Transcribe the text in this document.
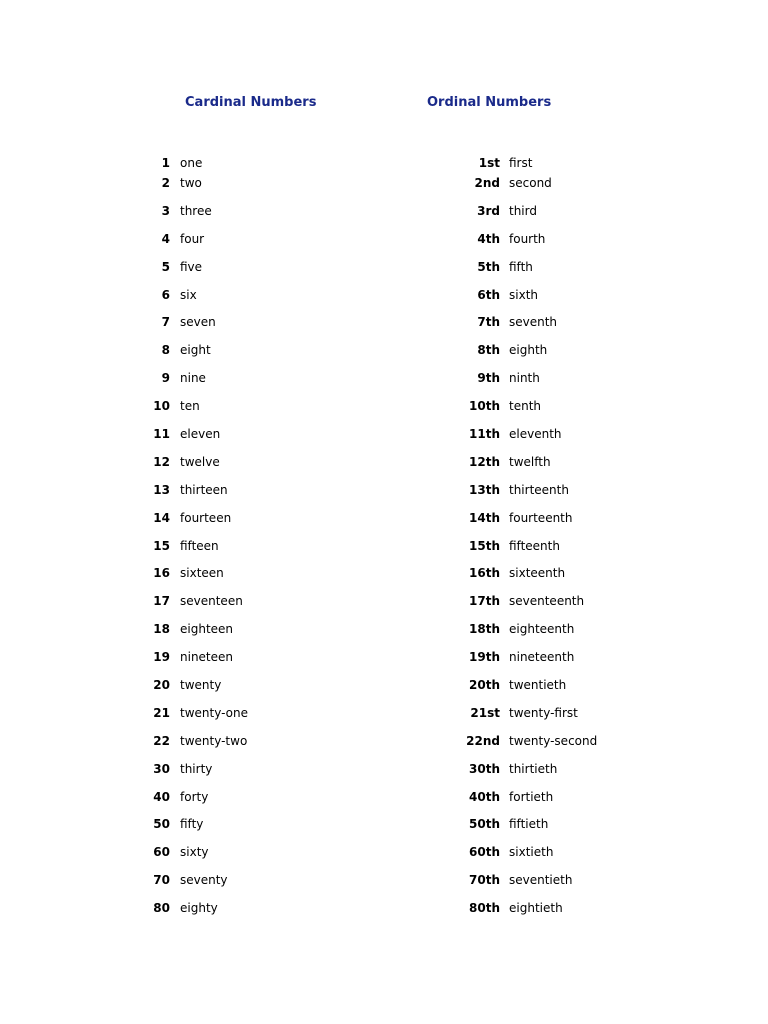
Cardinal Numbers	Ordinal Numbers
1 one	1st first
2 two	2nd second
3 three	3rd third
4 four	4th fourth
5 five	5th fifth
6 six	6th sixth
7 seven	7th seventh
8 eight	8th eighth
9 nine	9th ninth
10 ten	10th tenth
11 eleven	11th eleventh
12 twelve	12th twelfth
13 thirteen	13th thirteenth
14 fourteen	14th fourteenth
15 fifteen	15th fifteenth
16 sixteen	16th sixteenth
17 seventeen	17th seventeenth
18 eighteen	18th eighteenth
19 nineteen	19th nineteenth
20 twenty	20th twentieth
21 twenty-one	21st twenty-first
22 twenty-two	22nd twenty-second
30 thirty	30th thirtieth
40 forty	40th fortieth
50 fifty	50th fiftieth
60 sixty	60th sixtieth
70 seventy	70th seventieth
80 eighty	80th eightieth
